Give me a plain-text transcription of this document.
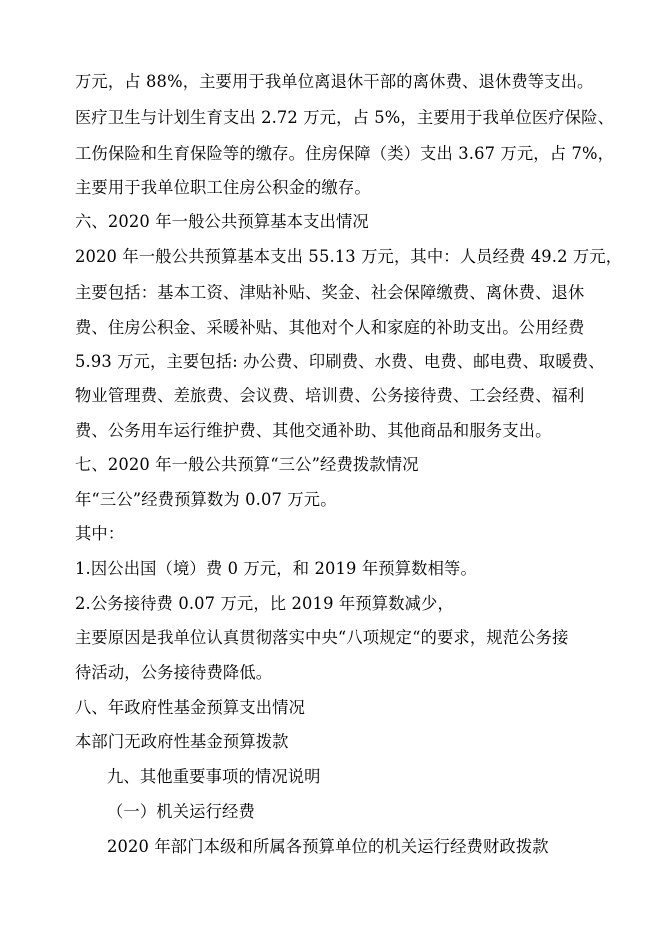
万元，占 88%，主要用于我单位离退休干部的离休费、退休费等支出。
医疗卫生与计划生育支出 2.72 万元，占 5%，主要用于我单位医疗保险、
工伤保险和生育保险等的缴存。住房保障（类）支出 3.67 万元，占 7%，
主要用于我单位职工住房公积金的缴存。
六、2020 年一般公共预算基本支出情况
2020 年一般公共预算基本支出 55.13 万元，其中：人员经费 49.2 万元，
主要包括：基本工资、津贴补贴、奖金、社会保障缴费、离休费、退休
费、住房公积金、采暖补贴、其他对个人和家庭的补助支出。公用经费
5.93 万元，主要包括: 办公费、印刷费、水费、电费、邮电费、取暖费、
物业管理费、差旅费、会议费、培训费、公务接待费、工会经费、福利
费、公务用车运行维护费、其他交通补助、其他商品和服务支出。
七、2020 年一般公共预算“三公”经费拨款情况
年“三公”经费预算数为 0.07 万元。
其中：
1.因公出国（境）费 0 万元，和 2019 年预算数相等。
2.公务接待费 0.07 万元，比 2019 年预算数减少，
主要原因是我单位认真贯彻落实中央“八项规定“的要求，规范公务接
待活动，公务接待费降低。
八、年政府性基金预算支出情况
本部门无政府性基金预算拨款
九、其他重要事项的情况说明
（一）机关运行经费
2020 年部门本级和所属各预算单位的机关运行经费财政拨款
